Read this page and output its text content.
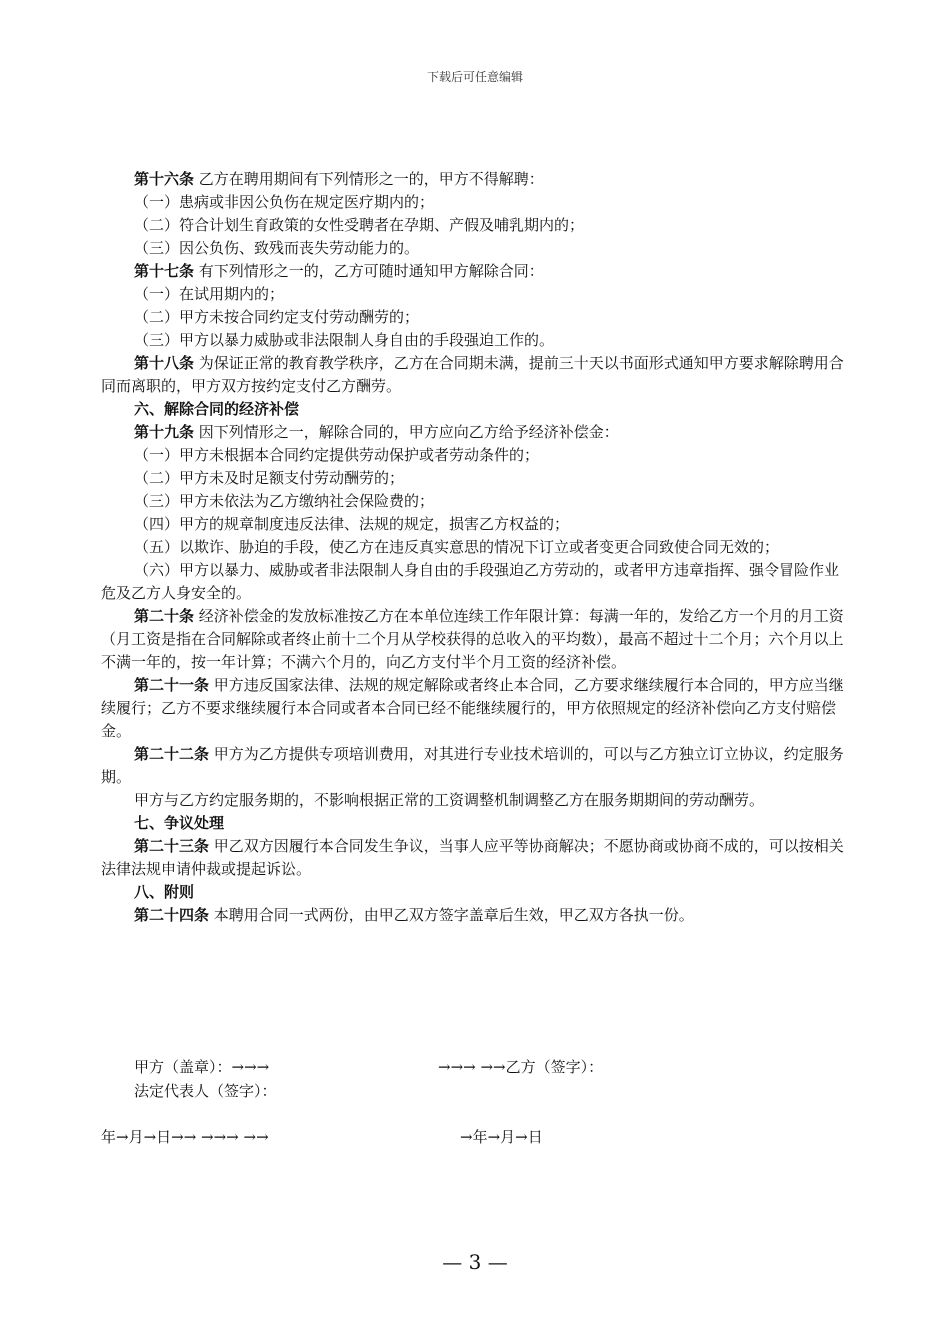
下载后可任意编辑

第十六条 乙方在聘用期间有下列情形之一的，甲方不得解聘：

（一）患病或非因公负伤在规定医疗期内的；

（二）符合计划生育政策的女性受聘者在孕期、产假及哺乳期内的；

（三）因公负伤、致残而丧失劳动能力的。

第十七条 有下列情形之一的，乙方可随时通知甲方解除合同：

（一）在试用期内的；

（二）甲方未按合同约定支付劳动酬劳的；

（三）甲方以暴力威胁或非法限制人身自由的手段强迫工作的。

第十八条 为保证正常的教育教学秩序，乙方在合同期未满，提前三十天以书面形式通知甲方要求解除聘用合同而离职的，甲方双方按约定支付乙方酬劳。

六、解除合同的经济补偿

第十九条 因下列情形之一，解除合同的，甲方应向乙方给予经济补偿金：

（一）甲方未根据本合同约定提供劳动保护或者劳动条件的；

（二）甲方未及时足额支付劳动酬劳的；

（三）甲方未依法为乙方缴纳社会保险费的；

（四）甲方的规章制度违反法律、法规的规定，损害乙方权益的；

（五）以欺诈、胁迫的手段，使乙方在违反真实意思的情况下订立或者变更合同致使合同无效的；

（六）甲方以暴力、威胁或者非法限制人身自由的手段强迫乙方劳动的，或者甲方违章指挥、强令冒险作业危及乙方人身安全的。

第二十条 经济补偿金的发放标准按乙方在本单位连续工作年限计算：每满一年的，发给乙方一个月的月工资（月工资是指在合同解除或者终止前十二个月从学校获得的总收入的平均数），最高不超过十二个月；六个月以上不满一年的，按一年计算；不满六个月的，向乙方支付半个月工资的经济补偿。

第二十一条 甲方违反国家法律、法规的规定解除或者终止本合同，乙方要求继续履行本合同的，甲方应当继续履行；乙方不要求继续履行本合同或者本合同已经不能继续履行的，甲方依照规定的经济补偿向乙方支付赔偿金。

第二十二条 甲方为乙方提供专项培训费用，对其进行专业技术培训的，可以与乙方独立订立协议，约定服务期。

甲方与乙方约定服务期的，不影响根据正常的工资调整机制调整乙方在服务期期间的劳动酬劳。

七、争议处理

第二十三条 甲乙双方因履行本合同发生争议，当事人应平等协商解决；不愿协商或协商不成的，可以按相关法律法规申请仲裁或提起诉讼。

八、附则

第二十四条 本聘用合同一式两份，由甲乙双方签字盖章后生效，甲乙双方各执一份。

甲方（盖章）：→→→	→→→ →→乙方（签字）：
法定代表人（签字）：
年→月→日→→ →→→ →→	→年→月→日
— 3 —
